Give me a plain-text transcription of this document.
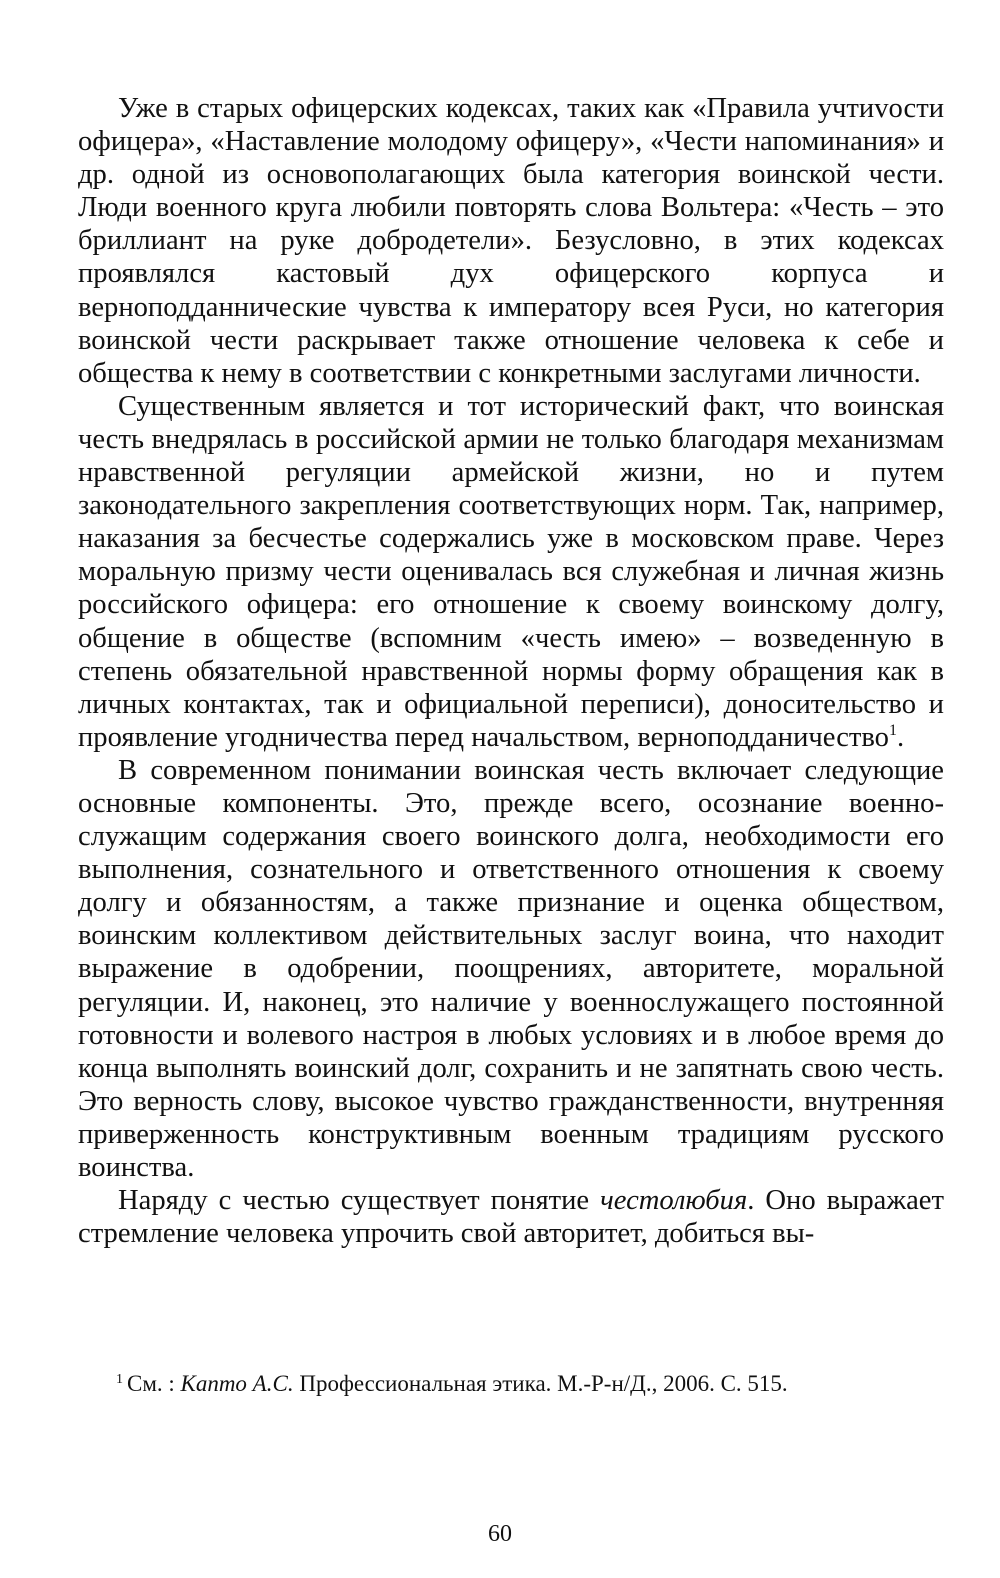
Уже в старых офицерских кодексах, таких как «Правила учтиvости офицера», «Наставление молодому офицеру», «Чести напоминания» и др. одной из основополагающих была категория воинской чести. Люди военного круга любили повторять слова Вольтера: «Честь – это бриллиант на руке добродетели». Безусловно, в этих кодексах проявлялся кастовый дух офицерского корпуса и верноподданнические чувства к императору всея Руси, но категория воинской чести раскрывает также отношение человека к себе и общества к нему в соответствии с конкретными заслугами личности.

Существенным является и тот исторический факт, что воинская честь внедрялась в российской армии не только благодаря механизмам нравственной регуляции армейской жизни, но и путем законодательного закрепления соответствующих норм. Так, например, наказания за бесчестье содержались уже в московском праве. Через моральную призму чести оценивалась вся служебная и личная жизнь российского офицера: его отношение к своему воинскому долгу, общение в обществе (вспомним «честь имею» – возведенную в степень обязательной нравственной нормы форму обращения как в личных контактах, так и официальной переписи), доносительство и проявление угодничества перед начальством, верноподданичество$^1$.

В современном понимании воинская честь включает следующие основные компоненты. Это, прежде всего, осознание военнослужащим содержания своего воинского долга, необходимости его выполнения, сознательного и ответственного отношения к своему долгу и обязанностям, а также признание и оценка обществом, воинским коллективом действительных заслуг воина, что находит выражение в одобрении, поощрениях, авторитете, моральной регуляции. И, наконец, это наличие у военнослужащего постоянной готовности и волевого настроя в любых условиях и в любое время до конца выполнять воинский долг, сохранить и не запятнать свою честь. Это верность слову, высокое чувство гражданственности, внутренняя приверженность конструктивным военным традициям русского воинства.

Наряду с честью существует понятие честолюбия. Оно выражает стремление человека упрочить свой авторитет, добиться вы-

$^1$ См. : Капто А.С. Профессиональная этика. М.-Р-н/Д., 2006. С. 515.

60
